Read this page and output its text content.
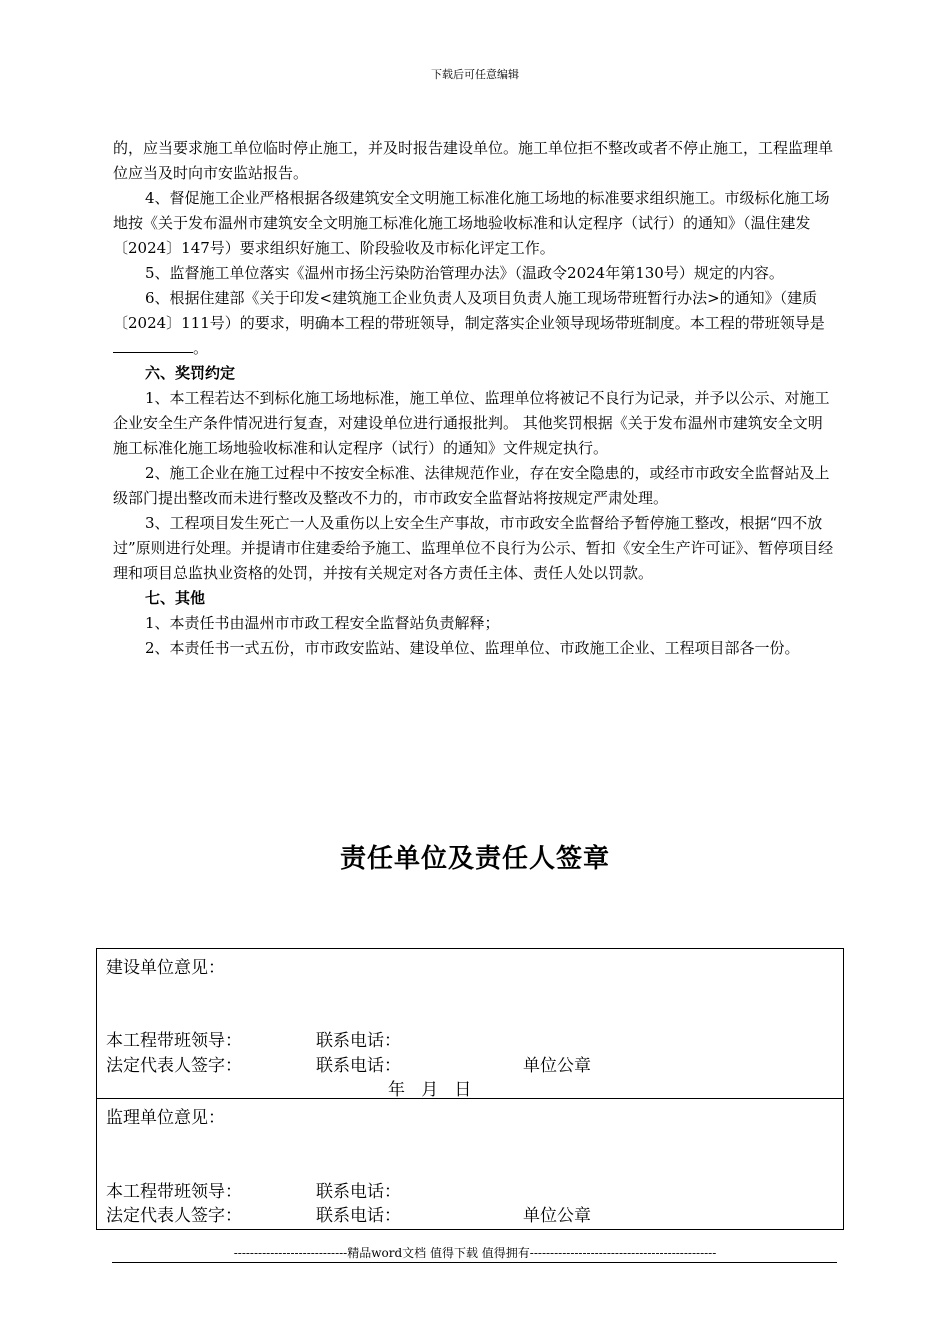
下载后可任意编辑

的，应当要求施工单位临时停止施工，并及时报告建设单位。施工单位拒不整改或者不停止施工，工程监理单位应当及时向市安监站报告。

4、督促施工企业严格根据各级建筑安全文明施工标准化施工场地的标准要求组织施工。市级标化施工场地按《关于发布温州市建筑安全文明施工标准化施工场地验收标准和认定程序（试行）的通知》（温住建发〔2024〕147号）要求组织好施工、阶段验收及市标化评定工作。

5、监督施工单位落实《温州市扬尘污染防治管理办法》（温政令2024年第130号）规定的内容。

6、根据住建部《关于印发<建筑施工企业负责人及项目负责人施工现场带班暂行办法>的通知》（建质〔2024〕111号）的要求，明确本工程的带班领导，制定落实企业领导现场带班制度。本工程的带班领导是。

六、奖罚约定

1、本工程若达不到标化施工场地标准，施工单位、监理单位将被记不良行为记录，并予以公示、对施工企业安全生产条件情况进行复查，对建设单位进行通报批判。 其他奖罚根据《关于发布温州市建筑安全文明施工标准化施工场地验收标准和认定程序（试行）的通知》文件规定执行。

2、施工企业在施工过程中不按安全标准、法律规范作业，存在安全隐患的，或经市市政安全监督站及上级部门提出整改而未进行整改及整改不力的，市市政安全监督站将按规定严肃处理。

3、工程项目发生死亡一人及重伤以上安全生产事故，市市政安全监督给予暂停施工整改，根据“四不放过”原则进行处理。并提请市住建委给予施工、监理单位不良行为公示、暂扣《安全生产许可证》、暂停项目经理和项目总监执业资格的处罚，并按有关规定对各方责任主体、责任人处以罚款。

七、其他

1、本责任书由温州市市政工程安全监督站负责解释；

2、本责任书一式五份，市市政安监站、建设单位、监理单位、市政施工企业、工程项目部各一份。

责任单位及责任人签章
建设单位意见：
本工程带班领导：	联系电话：
法定代表人签字：	联系电话：	单位公章
年   月   日
监理单位意见：
本工程带班领导：	联系电话：
法定代表人签字：	联系电话：	单位公章
----------------------------精品word文档 值得下载 值得拥有----------------------------------------------
